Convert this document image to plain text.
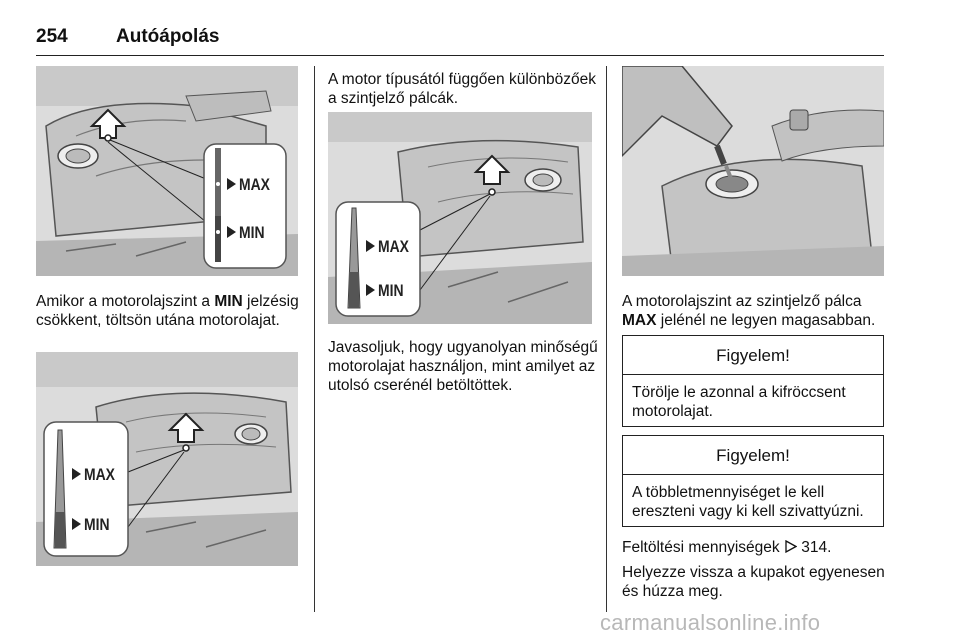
254	Autóápolás
MAX
MIN

Amikor a motorolajszint a MIN jelzésig csökkent, töltsön utána motorolajat.

MAX
MIN

A motor típusától függően különbözőek a szintjelző pálcák.

MAX
MIN

Javasoljuk, hogy ugyanolyan minőségű motorolajat használjon, mint amilyet az utolsó cserénél betöltöttek.

A motorolajszint az szintjelző pálca MAX jelénél ne legyen magasabban.

Figyelem!
Törölje le azonnal a kifröccsent motorolajat.
Figyelem!
A többletmennyiséget le kell ereszteni vagy ki kell szivattyúzni.

Feltöltési mennyiségek 314.

Helyezze vissza a kupakot egyenesen és húzza meg.

carmanualsonline.info
